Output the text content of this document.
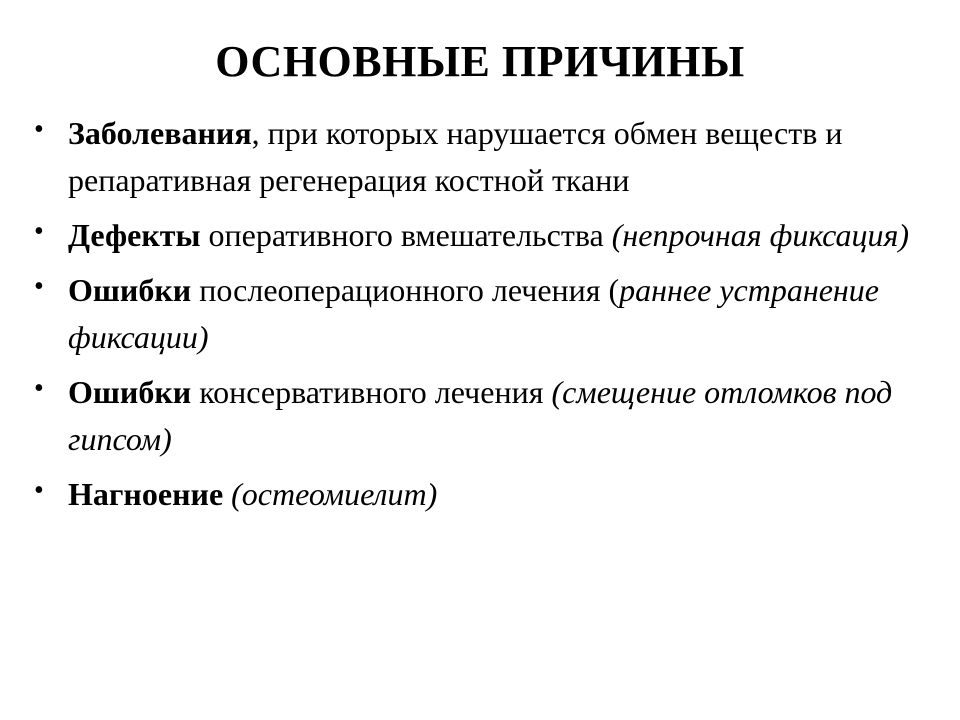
ОСНОВНЫЕ ПРИЧИНЫ
• Заболевания, при которых нарушается обмен веществ и репаративная регенерация костной ткани
• Дефекты оперативного вмешательства (непрочная фиксация)
• Ошибки послеоперационного лечения (раннее устранение фиксации)
• Ошибки консервативного лечения (смещение отломков под гипсом)
• Нагноение (остеомиелит)
